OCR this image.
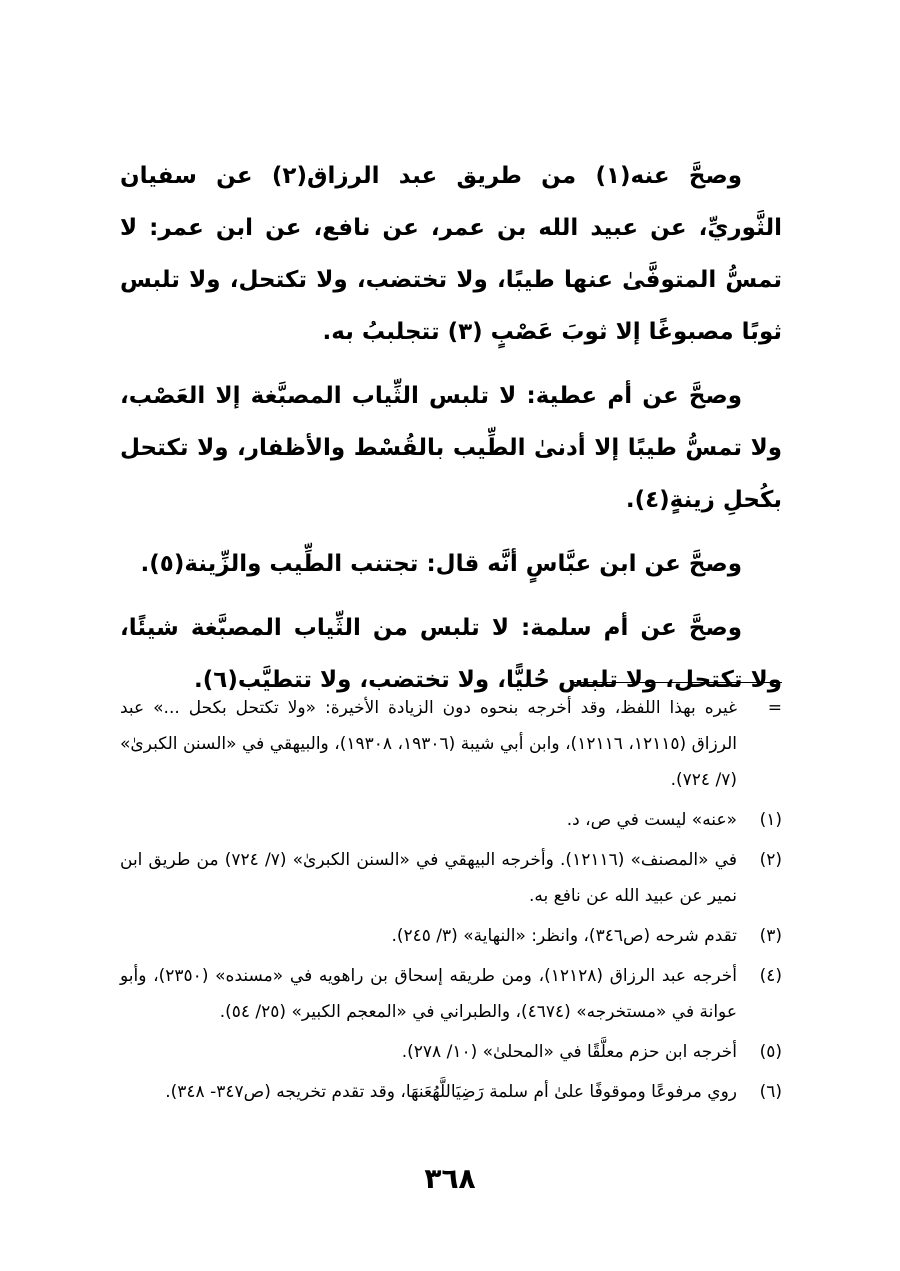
وصحَّ عنه(١) من طريق عبد الرزاق(٢) عن سفيان الثَّوريِّ، عن عبيد الله بن عمر، عن نافع، عن ابن عمر: لا تمسُّ المتوفَّىٰ عنها طيبًا، ولا تختضب، ولا تكتحل، ولا تلبس ثوبًا مصبوغًا إلا ثوبَ عَصْبٍ (٣) تتجلببُ به.

وصحَّ عن أم عطية: لا تلبس الثِّياب المصبَّغة إلا العَصْب، ولا تمسُّ طيبًا إلا أدنىٰ الطِّيب بالقُسْط والأظفار، ولا تكتحل بكُحلِ زينةٍ(٤).

وصحَّ عن ابن عبَّاسٍ أنَّه قال: تجتنب الطِّيب والزِّينة(٥).

وصحَّ عن أم سلمة: لا تلبس من الثِّياب المصبَّغة شيئًا، ولا تكتحل، ولا تلبس حُليًّا، ولا تختضب، ولا تتطيَّب(٦).

=
غيره بهذا اللفظ، وقد أخرجه بنحوه دون الزيادة الأخيرة: «ولا تكتحل بكحل ...» عبد الرزاق (١٢١١٥، ١٢١١٦)، وابن أبي شيبة (١٩٣٠٦، ١٩٣٠٨)، والبيهقي في «السنن الكبرىٰ» (٧/ ٧٢٤).

(١)
«عنه» ليست في ص، د.

(٢)
في «المصنف» (١٢١١٦). وأخرجه البيهقي في «السنن الكبرىٰ» (٧/ ٧٢٤) من طريق ابن نمير عن عبيد الله عن نافع به.

(٣)
تقدم شرحه (ص٣٤٦)، وانظر: «النهاية» (٣/ ٢٤٥).

(٤)
أخرجه عبد الرزاق (١٢١٢٨)، ومن طريقه إسحاق بن راهويه في «مسنده» (٢٣٥٠)، وأبو عوانة في «مستخرجه» (٤٦٧٤)، والطبراني في «المعجم الكبير» (٢٥/ ٥٤).

(٥)
أخرجه ابن حزم معلَّقًا في «المحلىٰ» (١٠/ ٢٧٨).

(٦)
روي مرفوعًا وموقوفًا علىٰ أم سلمة رَضِيَاللَّهُعَنهَا، وقد تقدم تخريجه (ص٣٤٧- ٣٤٨).

٣٦٨
